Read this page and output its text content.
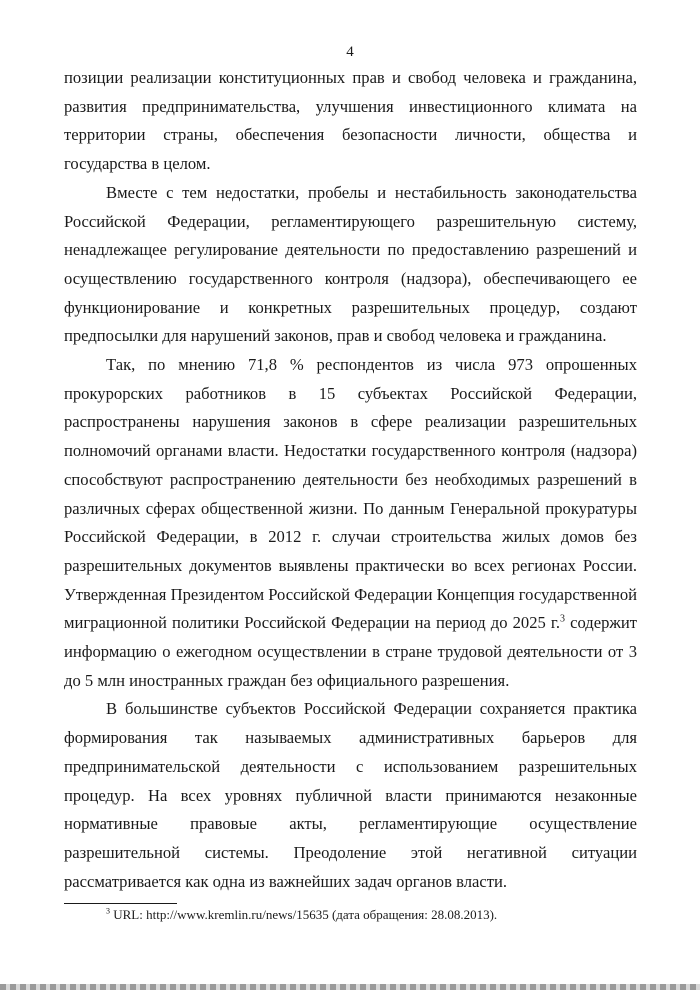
4

позиции реализации конституционных прав и свобод человека и гражданина, развития предпринимательства, улучшения инвестиционного климата на территории страны, обеспечения безопасности личности, общества и государства в целом.

Вместе с тем недостатки, пробелы и нестабильность законодательства Российской Федерации, регламентирующего разрешительную систему, ненадлежащее регулирование деятельности по предоставлению разрешений и осуществлению государственного контроля (надзора), обеспечивающего ее функционирование и конкретных разрешительных процедур, создают предпосылки для нарушений законов, прав и свобод человека и гражданина.

Так, по мнению 71,8 % респондентов из числа 973 опрошенных прокурорских работников в 15 субъектах Российской Федерации, распространены нарушения законов в сфере реализации разрешительных полномочий органами власти. Недостатки государственного контроля (надзора) способствуют распространению деятельности без необходимых разрешений в различных сферах общественной жизни. По данным Генеральной прокуратуры Российской Федерации, в 2012 г. случаи строительства жилых домов без разрешительных документов выявлены практически во всех регионах России. Утвержденная Президентом Российской Федерации Концепция государственной миграционной политики Российской Федерации на период до 2025 г.$^3$ содержит информацию о ежегодном осуществлении в стране трудовой деятельности от 3 до 5 млн иностранных граждан без официального разрешения.

В большинстве субъектов Российской Федерации сохраняется практика формирования так называемых административных барьеров для предпринимательской деятельности с использованием разрешительных процедур. На всех уровнях публичной власти принимаются незаконные нормативные правовые акты, регламентирующие осуществление разрешительной системы. Преодоление этой негативной ситуации рассматривается как одна из важнейших задач органов власти.

$^3$ URL: http://www.kremlin.ru/news/15635 (дата обращения: 28.08.2013).
